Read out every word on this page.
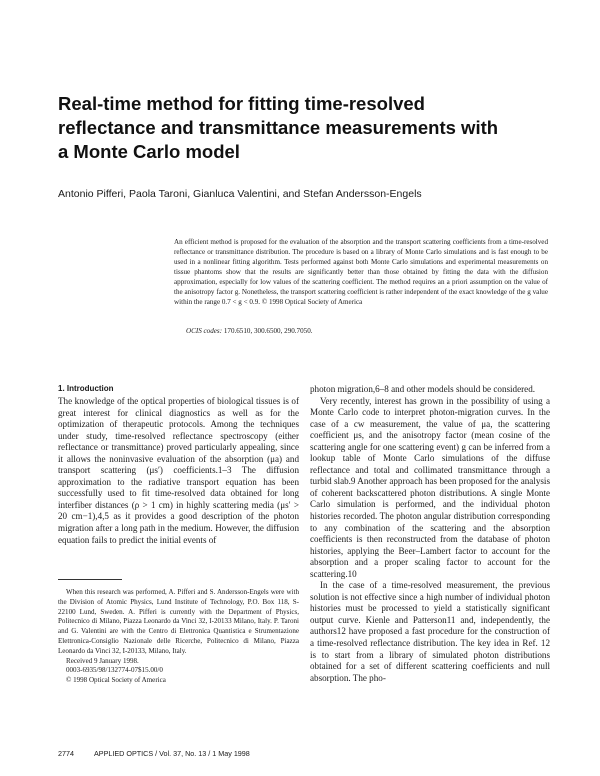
Real-time method for fitting time-resolved
reflectance and transmittance measurements with
a Monte Carlo model

Antonio Pifferi, Paola Taroni, Gianluca Valentini, and Stefan Andersson-Engels

An efficient method is proposed for the evaluation of the absorption and the transport scattering coefficients from a time-resolved reflectance or transmittance distribution. The procedure is based on a library of Monte Carlo simulations and is fast enough to be used in a nonlinear fitting algorithm. Tests performed against both Monte Carlo simulations and experimental measurements on tissue phantoms show that the results are significantly better than those obtained by fitting the data with the diffusion approximation, especially for low values of the scattering coefficient. The method requires an a priori assumption on the value of the anisotropy factor g. Nonetheless, the transport scattering coefficient is rather independent of the exact knowledge of the g value within the range 0.7 < g < 0.9. © 1998 Optical Society of America

OCIS codes: 170.6510, 300.6500, 290.7050.
1. Introduction

The knowledge of the optical properties of biological tissues is of great interest for clinical diagnostics as well as for the optimization of therapeutic protocols. Among the techniques under study, time-resolved reflectance spectroscopy (either reflectance or transmittance) proved particularly appealing, since it allows the noninvasive evaluation of the absorption (μa) and transport scattering (μs′) coefficients.1–3 The diffusion approximation to the radiative transport equation has been successfully used to fit time-resolved data obtained for long interfiber distances (ρ > 1 cm) in highly scattering media (μs′ > 20 cm−1),4,5 as it provides a good description of the photon migration after a long path in the medium. However, the diffusion equation fails to predict the initial events of

photon migration,6–8 and other models should be considered.

Very recently, interest has grown in the possibility of using a Monte Carlo code to interpret photon-migration curves. In the case of a cw measurement, the value of μa, the scattering coefficient μs, and the anisotropy factor (mean cosine of the scattering angle for one scattering event) g can be inferred from a lookup table of Monte Carlo simulations of the diffuse reflectance and total and collimated transmittance through a turbid slab.9 Another approach has been proposed for the analysis of coherent backscattered photon distributions. A single Monte Carlo simulation is performed, and the individual photon histories recorded. The photon angular distribution corresponding to any combination of the scattering and the absorption coefficients is then reconstructed from the database of photon histories, applying the Beer–Lambert factor to account for the absorption and a proper scaling factor to account for the scattering.10

In the case of a time-resolved measurement, the previous solution is not effective since a high number of individual photon histories must be processed to yield a statistically significant output curve. Kienle and Patterson11 and, independently, the authors12 have proposed a fast procedure for the construction of a time-resolved reflectance distribution. The key idea in Ref. 12 is to start from a library of simulated photon distributions obtained for a set of different scattering coefficients and null absorption. The pho-

When this research was performed, A. Pifferi and S. Andersson-Engels were with the Division of Atomic Physics, Lund Institute of Technology, P.O. Box 118, S-22100 Lund, Sweden. A. Pifferi is currently with the Department of Physics, Politecnico di Milano, Piazza Leonardo da Vinci 32, I-20133 Milano, Italy. P. Taroni and G. Valentini are with the Centro di Elettronica Quantistica e Strumentazione Elettronica-Consiglio Nazionale delle Ricerche, Politecnico di Milano, Piazza Leonardo da Vinci 32, I-20133, Milano, Italy.

Received 9 January 1998.

0003-6935/98/132774-07$15.00/0

© 1998 Optical Society of America

2774	APPLIED OPTICS / Vol. 37, No. 13 / 1 May 1998
